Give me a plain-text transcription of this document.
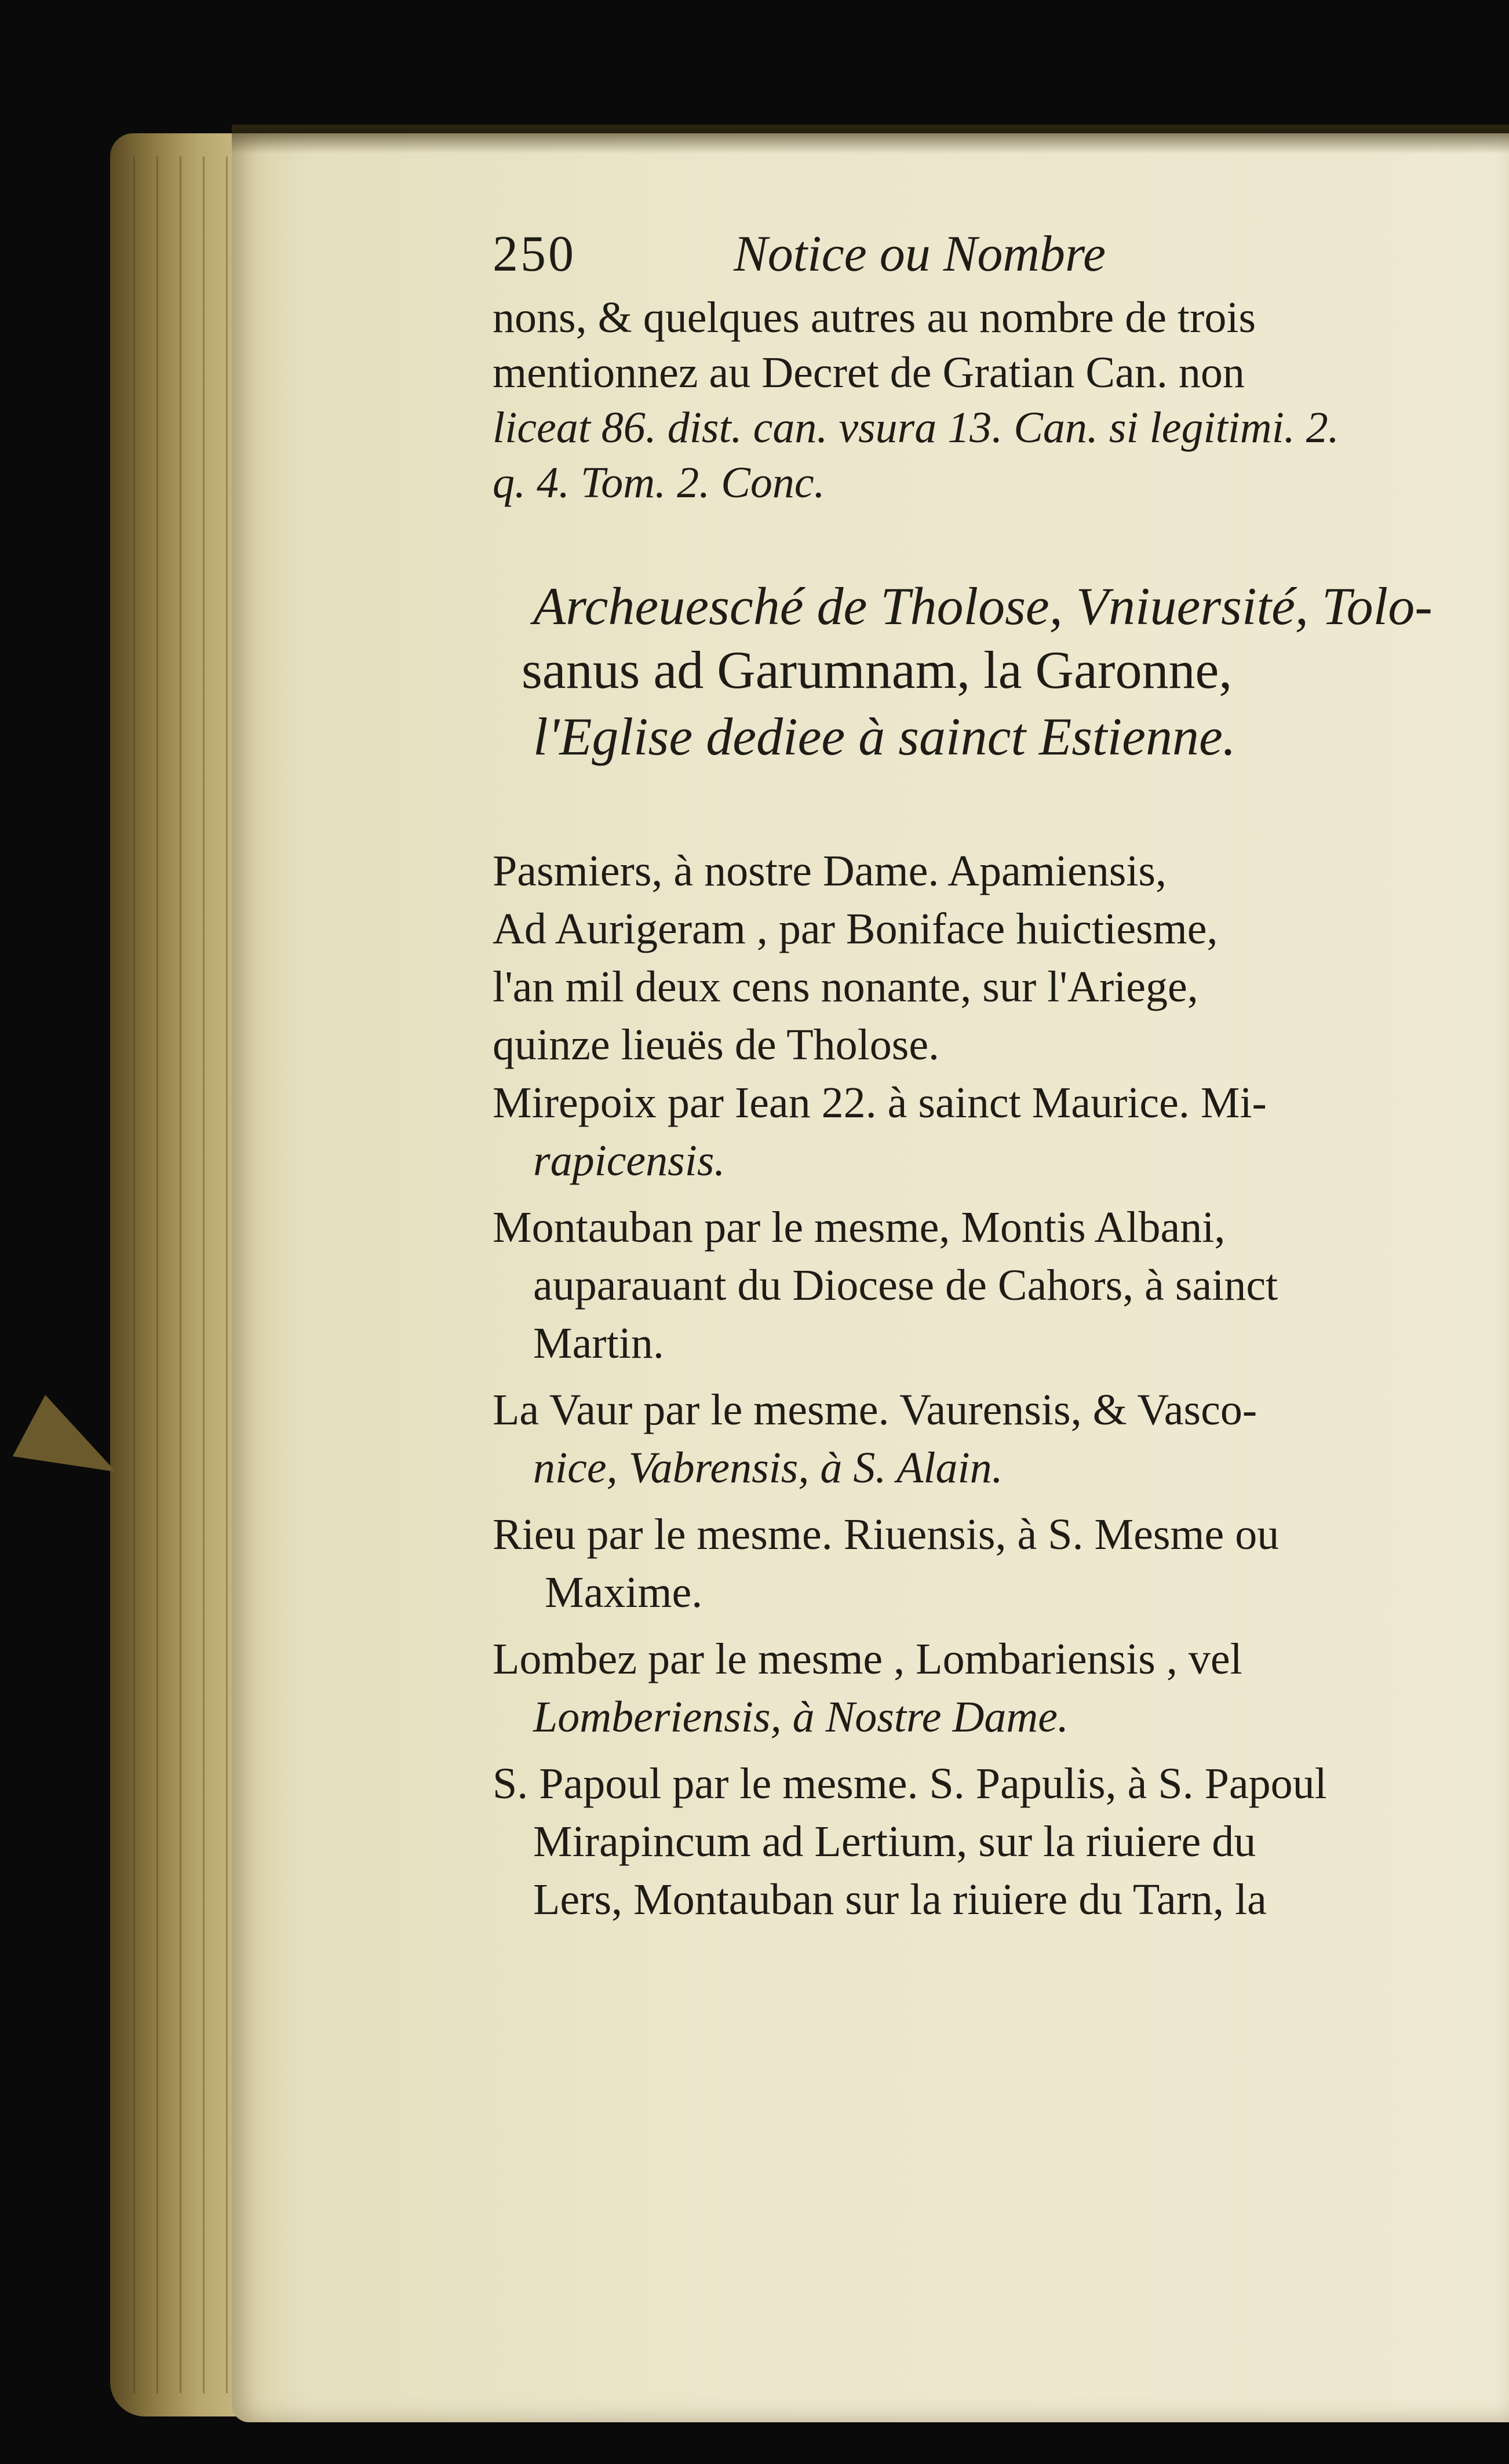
250	Notice ou Nombre
nons, & quelques autres au nombre de trois
mentionnez au Decret de Gratian Can. non
liceat 86. dist. can. vsura 13. Can. si legitimi. 2.
q. 4. Tom. 2. Conc.
Archeuesché de Tholose, Vniuersité, Tolo-
sanus ad Garumnam, la Garonne,
l'Eglise dediee à sainct Estienne.
Pasmiers, à nostre Dame. Apamiensis,
Ad Aurigeram , par Boniface huictiesme,
l'an mil deux cens nonante, sur l'Ariege,
quinze lieuës de Tholose.
Mirepoix par Iean 22. à sainct Maurice. Mi-
rapicensis.
Montauban par le mesme, Montis Albani,
auparauant du Diocese de Cahors, à sainct
Martin.
La Vaur par le mesme. Vaurensis, & Vasco-
nice, Vabrensis, à S. Alain.
Rieu par le mesme. Riuensis, à S. Mesme ou
Maxime.
Lombez par le mesme , Lombariensis , vel
Lomberiensis, à Nostre Dame.
S. Papoul par le mesme. S. Papulis, à S. Papoul
Mirapincum ad Lertium, sur la riuiere du
Lers, Montauban sur la riuiere du Tarn, la
